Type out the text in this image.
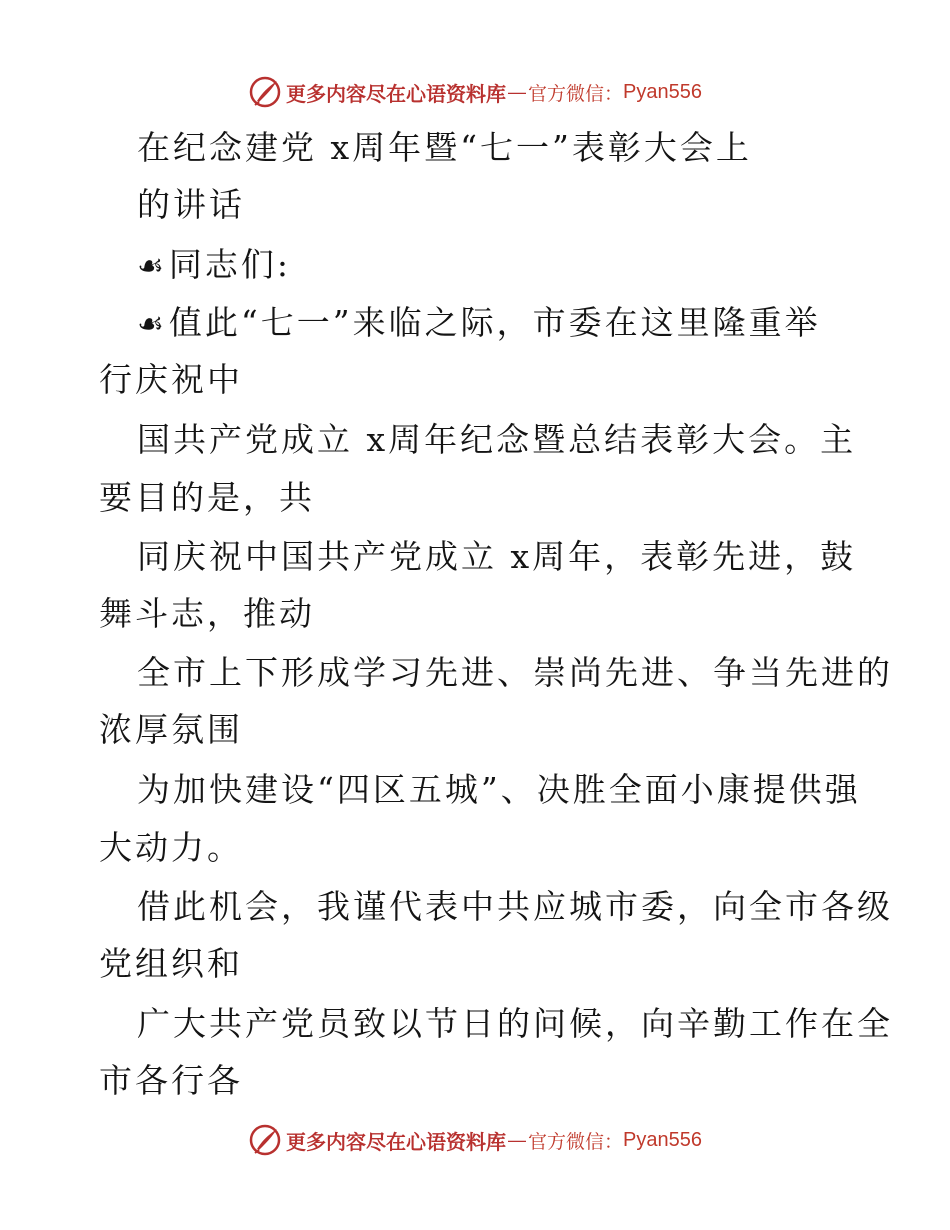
更多内容尽在心语资料库 — 官方微信： Pyan556
在纪念建党 x周年暨“七一”表彰大会上
的讲话
☙同志们:
☙值此“七一”来临之际，市委在这里隆重举
行庆祝中
国共产党成立 x周年纪念暨总结表彰大会。主
要目的是，共
同庆祝中国共产党成立 x周年，表彰先进，鼓
舞斗志，推动
全市上下形成学习先进、崇尚先进、争当先进的
浓厚氛围
为加快建设“四区五城”、决胜全面小康提供强
大动力。
借此机会，我谨代表中共应城市委，向全市各级
党组织和
广大共产党员致以节日的问候，向辛勤工作在全
市各行各
更多内容尽在心语资料库 — 官方微信： Pyan556
